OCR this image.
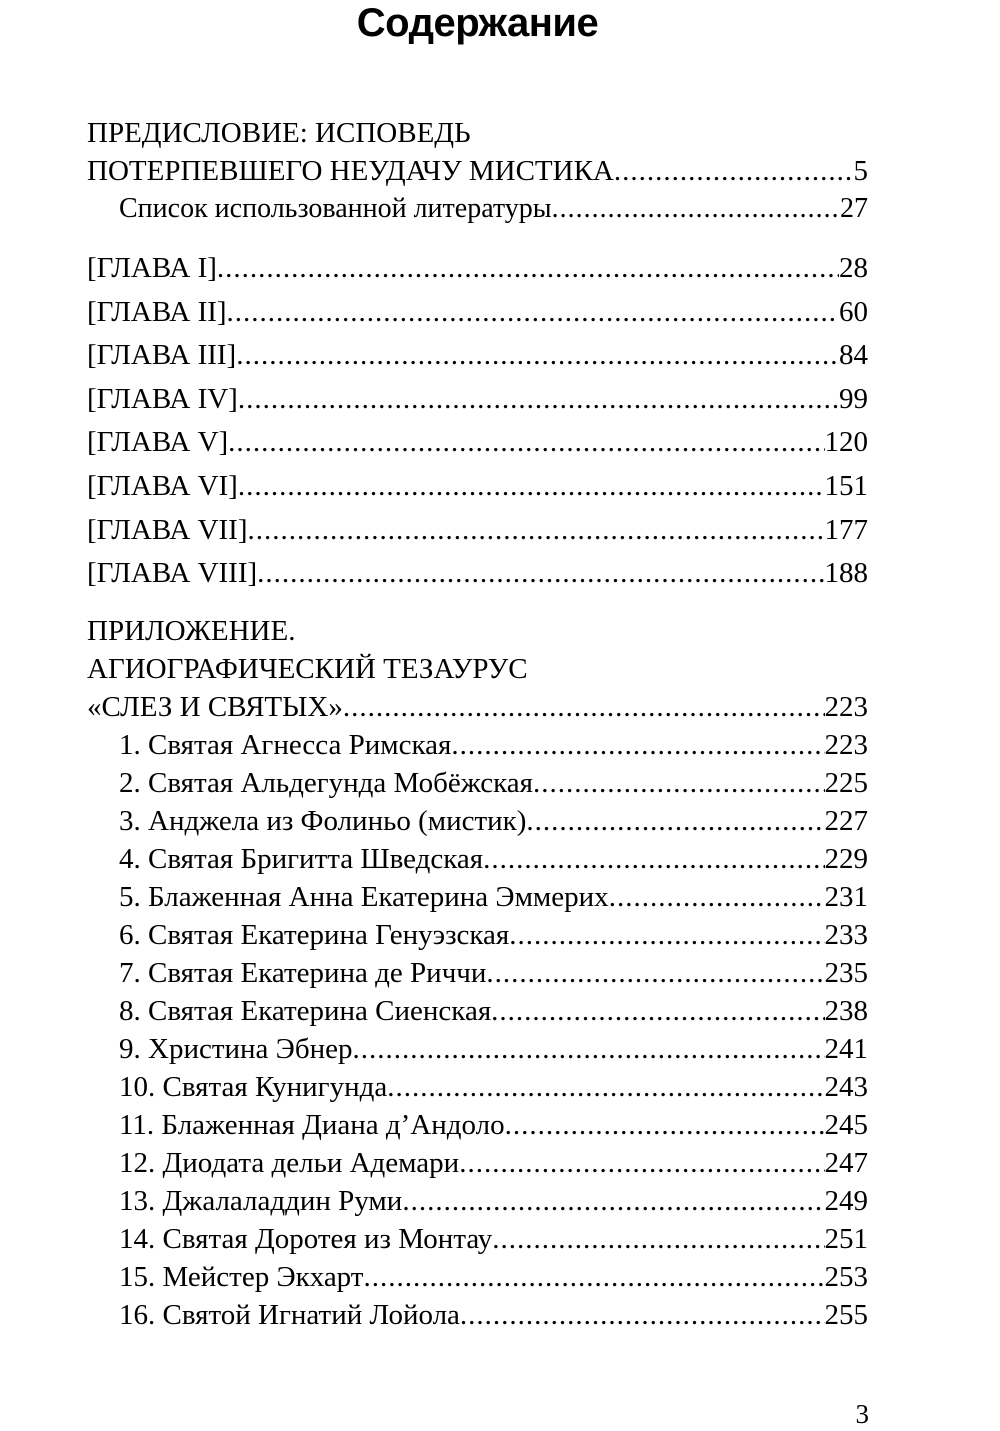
Содержание
ПРЕДИСЛОВИЕ: ИСПОВЕДЬ
ПОТЕРПЕВШЕГО НЕУДАЧУ МИСТИКА .....	5
Список использованной литературы .....	27
[ГЛАВА I] .....	28
[ГЛАВА II] .....	60
[ГЛАВА III] .....	84
[ГЛАВА IV] .....	99
[ГЛАВА V] .....	120
[ГЛАВА VI] .....	151
[ГЛАВА VII] .....	177
[ГЛАВА VIII] .....	188
ПРИЛОЖЕНИЕ.
АГИОГРАФИЧЕСКИЙ ТЕЗАУРУС
«СЛЕЗ И СВЯТЫХ» .....	223
1. Святая Агнесса Римская .....	223
2. Святая Альдегунда Мобёжская .....	225
3. Анджела из Фолиньо (мистик) .....	227
4. Святая Бригитта Шведская .....	229
5. Блаженная Анна Екатерина Эммерих .....	231
6. Святая Екатерина Генуэзская .....	233
7. Святая Екатерина де Риччи .....	235
8. Святая Екатерина Сиенская .....	238
9. Христина Эбнер .....	241
10. Святая Кунигунда .....	243
11. Блаженная Диана д’Андоло .....	245
12. Диодата дельи Адемари .....	247
13. Джалаладдин Руми .....	249
14. Святая Доротея из Монтау .....	251
15. Мейстер Экхарт .....	253
16. Святой Игнатий Лойола .....	255
3
